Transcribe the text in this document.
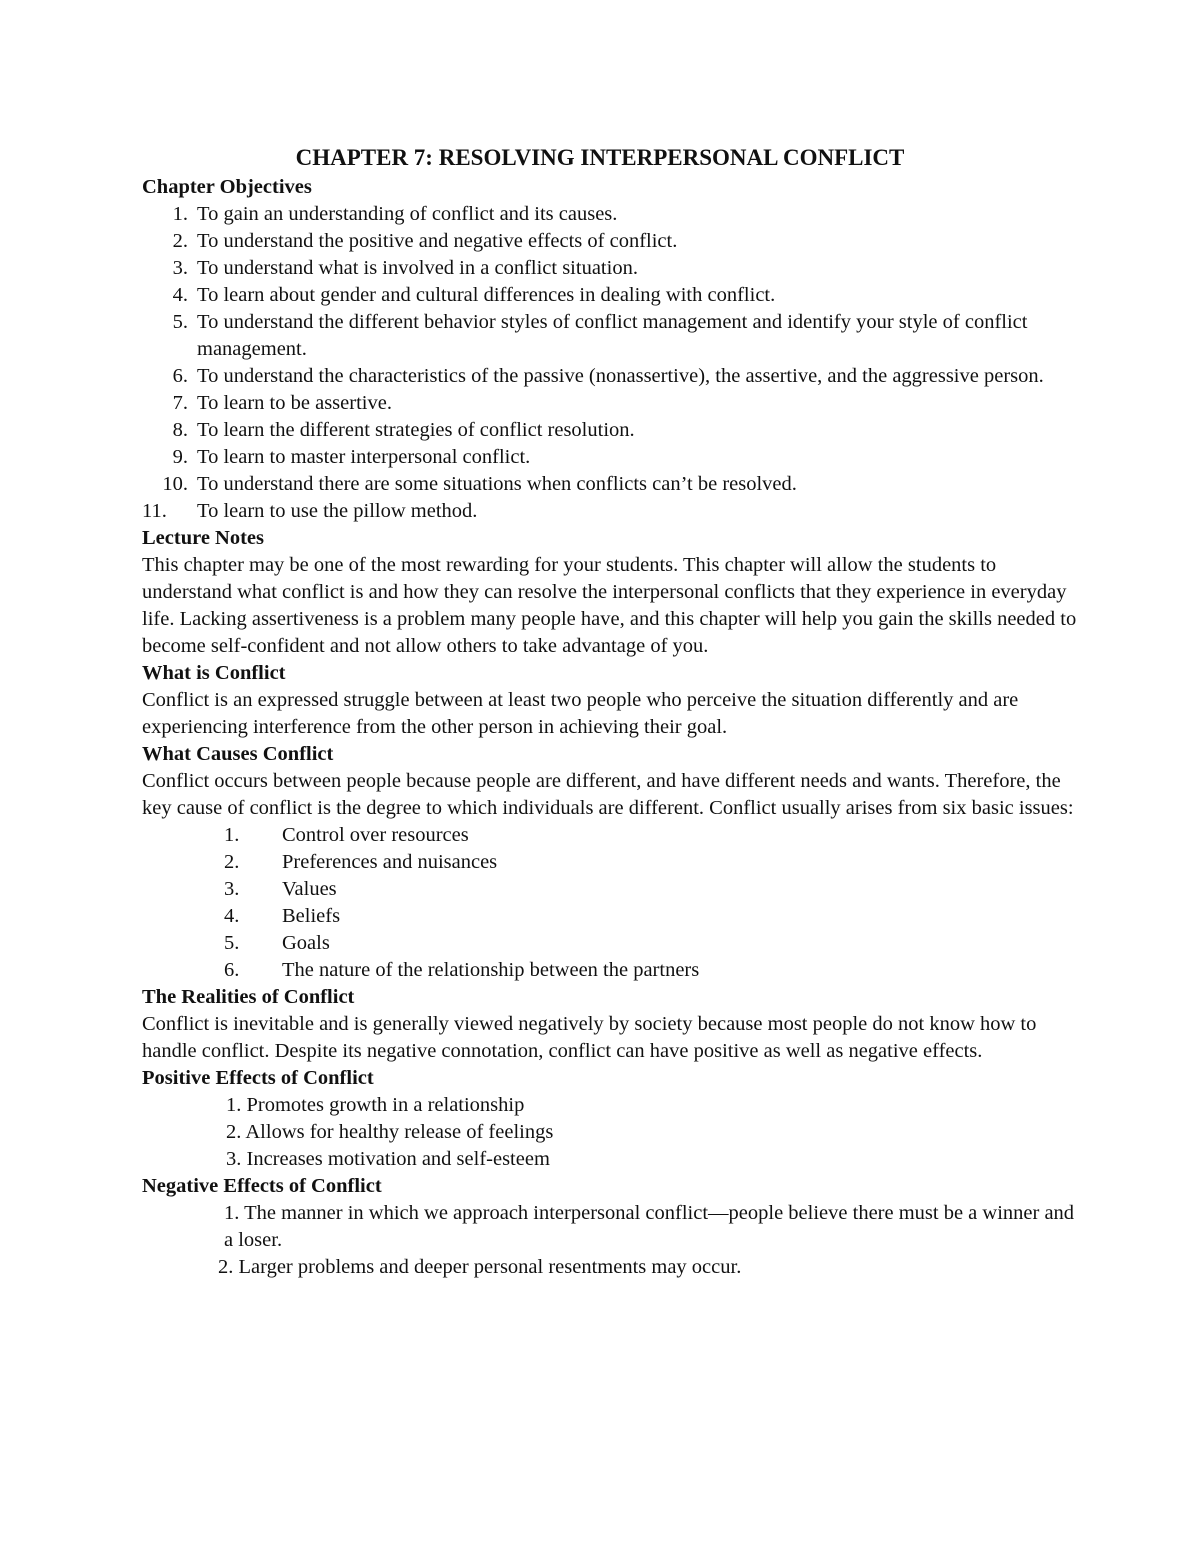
CHAPTER 7: RESOLVING INTERPERSONAL CONFLICT

Chapter Objectives

1. To gain an understanding of conflict and its causes.
2. To understand the positive and negative effects of conflict.
3. To understand what is involved in a conflict situation.
4. To learn about gender and cultural differences in dealing with conflict.
5. To understand the different behavior styles of conflict management and identify your style of conflict management.
6. To understand the characteristics of the passive (nonassertive), the assertive, and the aggressive person.
7. To learn to be assertive.
8. To learn the different strategies of conflict resolution.
9. To learn to master interpersonal conflict.
10. To understand there are some situations when conflicts can’t be resolved.
11.	To learn to use the pillow method.

Lecture Notes

This chapter may be one of the most rewarding for your students. This chapter will allow the students to understand what conflict is and how they can resolve the interpersonal conflicts that they experience in everyday life. Lacking assertiveness is a problem many people have, and this chapter will help you gain the skills needed to become self-confident and not allow others to take advantage of you.

What is Conflict

Conflict is an expressed struggle between at least two people who perceive the situation differently and are experiencing interference from the other person in achieving their goal.

What Causes Conflict

Conflict occurs between people because people are different, and have different needs and wants. Therefore, the key cause of conflict is the degree to which individuals are different. Conflict usually arises from six basic issues:

1.	Control over resources
2.	Preferences and nuisances
3.	Values
4.	Beliefs
5.	Goals
6.	The nature of the relationship between the partners

The Realities of Conflict

Conflict is inevitable and is generally viewed negatively by society because most people do not know how to handle conflict. Despite its negative connotation, conflict can have positive as well as negative effects.

Positive Effects of Conflict

1. Promotes growth in a relationship
2. Allows for healthy release of feelings
3. Increases motivation and self-esteem

Negative Effects of Conflict

1. The manner in which we approach interpersonal conflict—people believe there must be a winner and a loser.
2. Larger problems and deeper personal resentments may occur.
